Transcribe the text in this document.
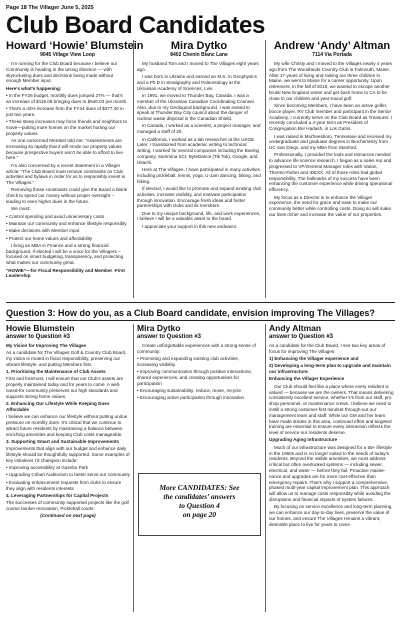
Page 18 The Villager June 5, 2025
Club Board Candidates
Howard ‘Howie’ Blumstein
9045 Village View Loop

I’m running for the Club Board because I believe our Community is heading in the wrong direction — with skyrocketing dues and decisions being made without enough Member input.

Here’s what’s happening:

• In the FY26 budget, monthly dues jumped 27% — that’s an increase of $115.08 bringing dues to $540.03 per month.

• That’s a 43% increase from the FY24 dues of $377.40 in just two years.

• These steep increases may force friends and neighbors to move—putting more homes on the market hurting our property values.

As one concerned Member told me: “Assessments are increasing so rapidly that it will erode our property values because prospective buyers won’t be able to afford to live here.”

I’m also concerned by a recent statement in a Villager article: “The Club Board must remove constraints on Club activities and bylaws in order for us to responsibly invest in The Villages.”

Removing those constraints could give the Board a blank check to spend our money without proper oversight – leading to even higher dues in the future.

We must:

• Control spending and avoid unnecessary costs

• Maintain our community and enhance lifestyle responsibly

• Make decisions with Member input

• Protect our home values and affordability

I bring an MBA in Finance and a strong financial background. If elected I will be a voice for the Villagers – focused on smart budgeting, transparency, and protecting what makes our community great.

“HOWIE”—for Fiscal Responsibility and Member -First Leadership

Mira Dytko
8402 Chenin Blanc Lane

My husband Tom and I moved to The Villages eight years ago.

I was born in Ukraine and earned an M.S. in Geophysics and a Ph.D in Stratigraphy and Paleontology at the Ukrainian Academy of Sciences, Lviv.

In 1991, we moved to Thunder Bay, Canada. I was a member of the Ukrainian Canadian Coordinating Counsel. Also, due to my Geological background, I was invited to speak at Thunder Bay City council about the danger of nuclear waste disposal in the Canadian Shield.

In Canada, I worked as a scientist, a project manager, and managed a staff of 20.

In California, I worked as a lab researcher at the USGE. Later, I transitioned from academic writing to technical writing. I worked for several companies including the Boeing company, Sammina SCI, ByteDance (Tik Tok), Google, and Hitachi.

Here at The Villages, I have participated in many activities including pickleball, tennis, yoga, U-Jam dancing, biking, and hiking.

If elected, I would like to promote and expand existing club activities, increase visibility, and motivate participation through innovation. Encourage fresh ideas and foster partnerships with clubs and its members.

Due to my unique background, life, and work experiences, I believe I will be a valuable asset to the board.

I appreciate your support in this new endeavor.

Andrew ‘Andy’ Altman
7114 Via Portada

My wife Christy and I moved to the Villages nearly 4 years ago from The Woodlands Country Club in Falmouth, Maine. After 17 years of living and raising our three children in Maine, we went to Maine for a career opportunity. Upon retirement, in the fall of 2018, we wanted to escape another brutal New England winter and get back home to CA to be close to our children and year-round golf.

Since becoming Members, I have been an active golfer, bocce player, RV Club member and participant in the Senior Academy. I currently serve on the Club Board as Treasurer. I recently concluded a 4-year term as President of Congregation Bnr Hadash, in Los Gatos.

I was raised in Murfreesboro, Tennessee and received my undergraduate and graduate degrees in Biochemistry from UC San Diego, and my MBA from Stanford.

Professionally, I provided the tools and resources needed to advance life science research. I began as a sales rep and progressed to VP/General Manager roles with Varian, Thermo-Fisher and IDEXX. All of those roles had global responsibility. The hallmarks of my success have been enhancing the customer experience while driving operational efficiency.

My focus as a Director is to enhance the Villager experience, the need for grace and ease to make our community better while controlling costs. Doing so will make our lives richer and increase the value of our properties.

Question 3: How do you, as a Club Board candidate, envision improving The Villages?
Howie Blumstein
answer to Question #3

My Vision for Improving The Villages

As a candidate for The Villages Golf & Country Club Board, my vision is rooted in fiscal responsibility, preserving our vibrant lifestyle, and putting Members first.

1. Prioritizing the Maintenance of Club Assets

First and foremost, I will ensure that our Club’s assets are properly maintained today and for years to come. A well-cared-for community preserves our high standards and supports strong home values.

2. Enhancing Our Lifestyle While Keeping Dues Affordable

I believe we can enhance our lifestyle without putting undue pressure on monthly dues. It’s critical that we continue to attract future residents by maintaining a balance between enriching amenities and keeping Club costs manageable.

3. Supporting Smart and Sustainable Improvements

Improvements that align with our budget and enhance daily lifestyle should be thoughtfully supported. Some examples of key initiatives I’d champion include:

• Improving accessibility at Gazebo Park

• Upgrading Cribari Auditorium to better serve our community

• Evaluating enhancement requests from clubs to ensure they align with residents interests

4. Leveraging Partnerships for Capital Projects

The successes of community supported projects like the golf course bunker renovation, Pickleball courts

(Continued on next page)

Mira Dytko
answer to Question #3

Create unforgettable experiences with a strong sense of community:

• Promoting and expanding existing club activities, increasing visibility.

• Improving communication through positive interactions, shared experiences, and creating opportunities for participation

• Encouraging sustainability: reduce, reuse, recycle

• Encouraging active participation through innovation

More CANDIDATES: See
the candidates’ answers
to Question 4
on page 20
Andy Altman
answer to Question #3

As a candidate for the Club Board, I see two key areas of focus for improving The Villages:

1) Enhancing the Villager experience and

2) Developing a long-term plan to upgrade and maintain our infrastructure.

Enhancing the Villager Experience

Our Club should feel like a place where every resident is valued — because we are the owners. That means delivering consistently excellent service, whether it’s from our staff, pro shop personnel, or maintenance crews. I believe we need to instill a strong customer-first mindset through-out our management team and staff. While our GM and her team have made strides in this area, continued effort and targeted training are essential to ensure every interaction reflects the level of service our residents deserve.

Upgrading Aging Infrastructure

Much of our infrastructure was designed for a 55+ lifestyle in the 1960s and is no longer suited to the needs of today’s residents. Beyond the visible amenities, we must address critical but often overlooked systems — including sewer, electrical, and water — before they fail. Proactive mainte-nance and upgrades are far more cost-effective than emergency repairs. That’s why I support a comprehensive, phased multi-year capital improvement plan. This approach will allow us to manage costs responsibly while avoiding the disruptions and financial impacts of system failures.

By focusing on service excellence and long-term planning, we can enhance our day-to-day lives, preserve the value of our homes, and ensure The Villages remains a vibrant, desirable place to live for years to come.
